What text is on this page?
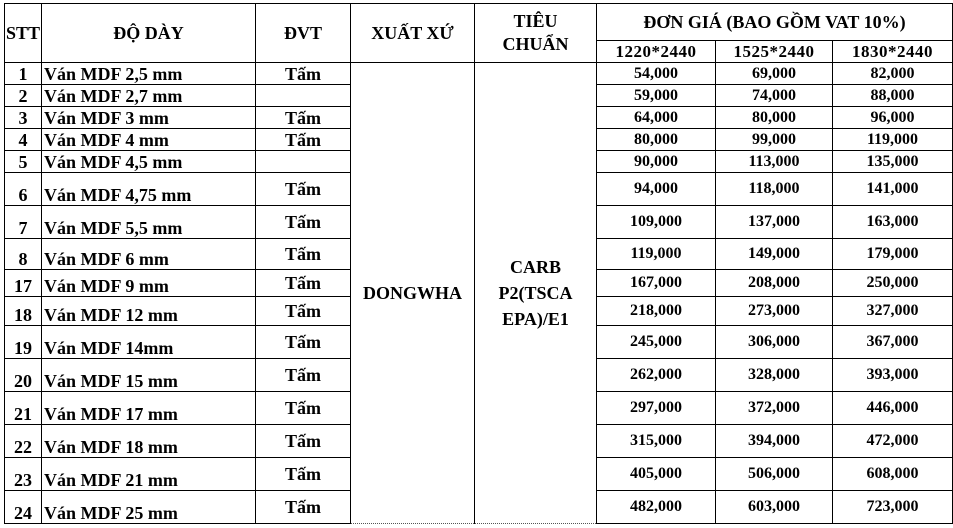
STT	ĐỘ DÀY	ĐVT	XUẤT XỨ	TIÊU
CHUẨN	ĐƠN GIÁ (BAO GỒM VAT 10%)		
					1220*2440	1525*2440	1830*2440
1	Ván MDF 2,5 mm	Tấm	DONGWHA	CARB
P2(TSCA
EPA)/E1	54,000	69,000	82,000
2	Ván MDF 2,7 mm				59,000	74,000	88,000
3	Ván MDF 3 mm	Tấm			64,000	80,000	96,000
4	Ván MDF 4 mm	Tấm			80,000	99,000	119,000
5	Ván MDF 4,5 mm				90,000	113,000	135,000
6	Ván MDF 4,75 mm	Tấm			94,000	118,000	141,000
7	Ván MDF 5,5 mm	Tấm			109,000	137,000	163,000
8	Ván MDF 6 mm	Tấm			119,000	149,000	179,000
17	Ván MDF 9 mm	Tấm			167,000	208,000	250,000
18	Ván MDF 12 mm	Tấm			218,000	273,000	327,000
19	Ván MDF 14mm	Tấm			245,000	306,000	367,000
20	Ván MDF 15 mm	Tấm			262,000	328,000	393,000
21	Ván MDF 17 mm	Tấm			297,000	372,000	446,000
22	Ván MDF 18 mm	Tấm			315,000	394,000	472,000
23	Ván MDF 21 mm	Tấm			405,000	506,000	608,000
24	Ván MDF 25 mm	Tấm			482,000	603,000	723,000
